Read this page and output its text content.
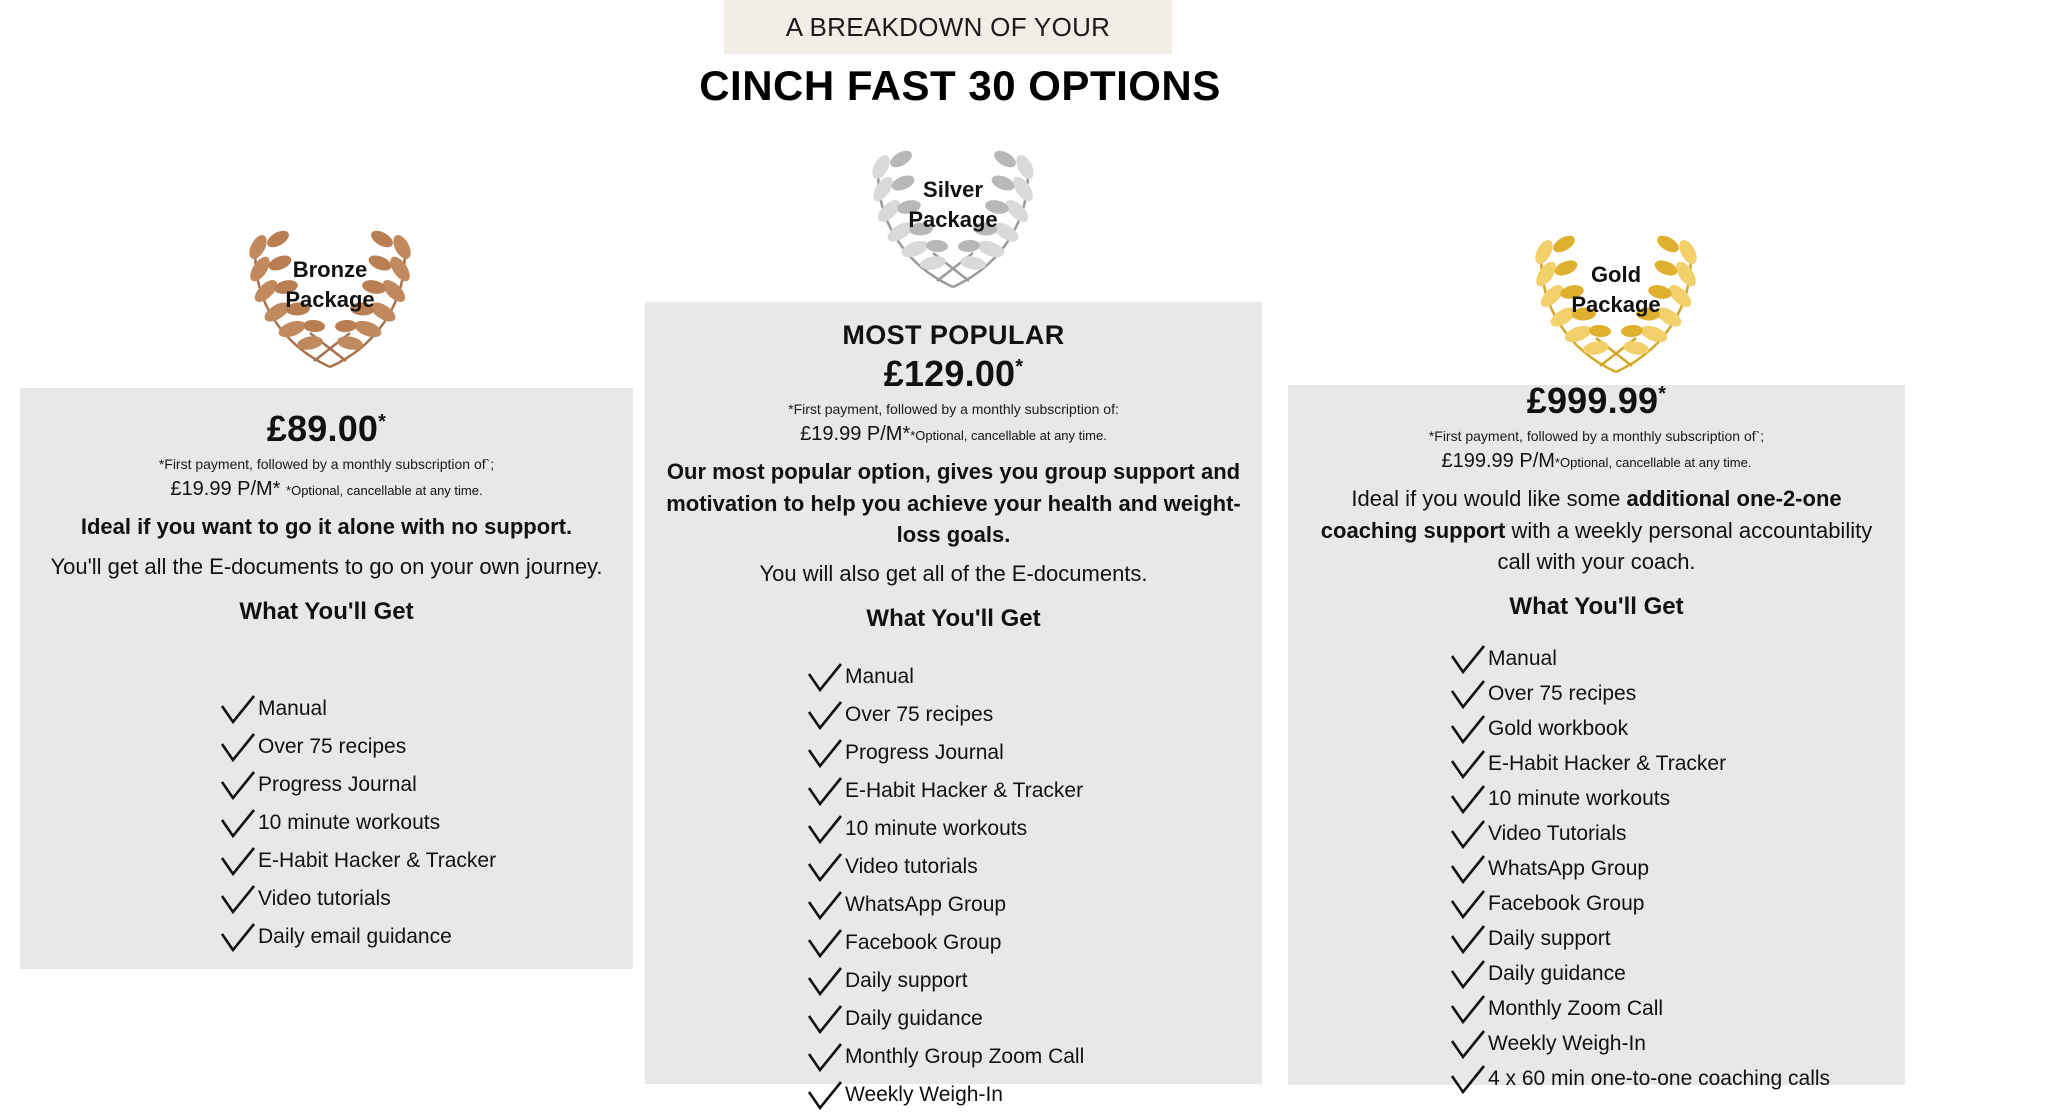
A BREAKDOWN OF YOUR
CINCH FAST 30 OPTIONS
Bronze
Package
£89.00*
*First payment, followed by a monthly subscription of`;
£19.99 P/M* *Optional, cancellable at any time.
Ideal if you want to go it alone with no support.
You'll get all the E-documents to go on your own journey.
What You'll Get
Manual
Over 75 recipes
Progress Journal
10 minute workouts
E-Habit Hacker & Tracker
Video tutorials
Daily email guidance
Silver
Package
MOST POPULAR
£129.00*
*First payment, followed by a monthly subscription of:
£19.99 P/M**Optional, cancellable at any time.
Our most popular option, gives you group support and motivation to help you achieve your health and weight-loss goals.
You will also get all of the E-documents.
What You'll Get
Manual
Over 75 recipes
Progress Journal
E-Habit Hacker & Tracker
10 minute workouts
Video tutorials
WhatsApp Group
Facebook Group
Daily support
Daily guidance
Monthly Group Zoom Call
Weekly Weigh-In
Gold
Package
£999.99*
*First payment, followed by a monthly subscription of`;
£199.99 P/M*Optional, cancellable at any time.
Ideal if you would like some additional one-2-one coaching support with a weekly personal accountability call with your coach.
What You'll Get
Manual
Over 75 recipes
Gold workbook
E-Habit Hacker & Tracker
10 minute workouts
Video Tutorials
WhatsApp Group
Facebook Group
Daily support
Daily guidance
Monthly Zoom Call
Weekly Weigh-In
4 x 60 min one-to-one coaching calls
